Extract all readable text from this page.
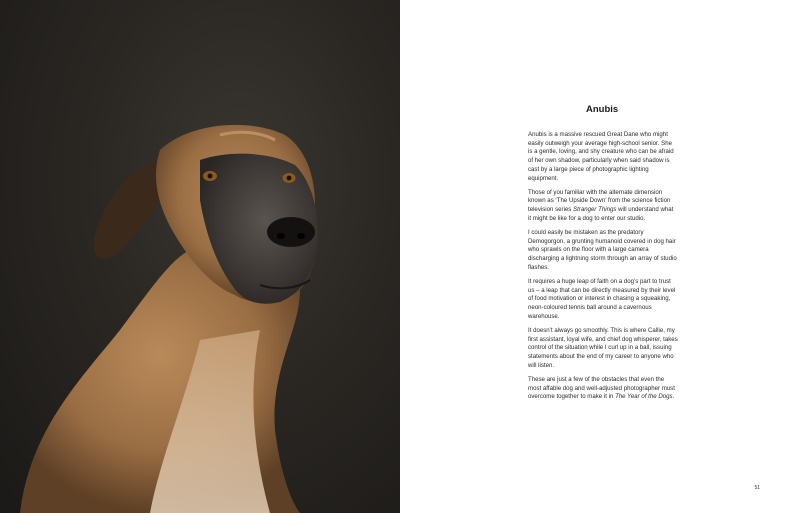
Anubis

Anubis is a massive rescued Great Dane who might easily outweigh your average high-school senior. She is a gentle, loving, and shy creature who can be afraid of her own shadow, particularly when said shadow is cast by a large piece of photographic lighting equipment.

Those of you familiar with the alternate dimension known as ‘The Upside Down’ from the science fiction television series Stranger Things will understand what it might be like for a dog to enter our studio.

I could easily be mistaken as the predatory Demogorgon, a grunting humanoid covered in dog hair who sprawls on the floor with a large camera discharging a lightning storm through an array of studio flashes.

It requires a huge leap of faith on a dog’s part to trust us – a leap that can be directly measured by their level of food motivation or interest in chasing a squeaking, neon-coloured tennis ball around a cavernous warehouse.

It doesn’t always go smoothly. This is where Callie, my first assistant, loyal wife, and chief dog whisperer, takes control of the situation while I curl up in a ball, issuing statements about the end of my career to anyone who will listen.

These are just a few of the obstacles that even the most affable dog and well-adjusted photographer must overcome together to make it in The Year of the Dogs.

51
